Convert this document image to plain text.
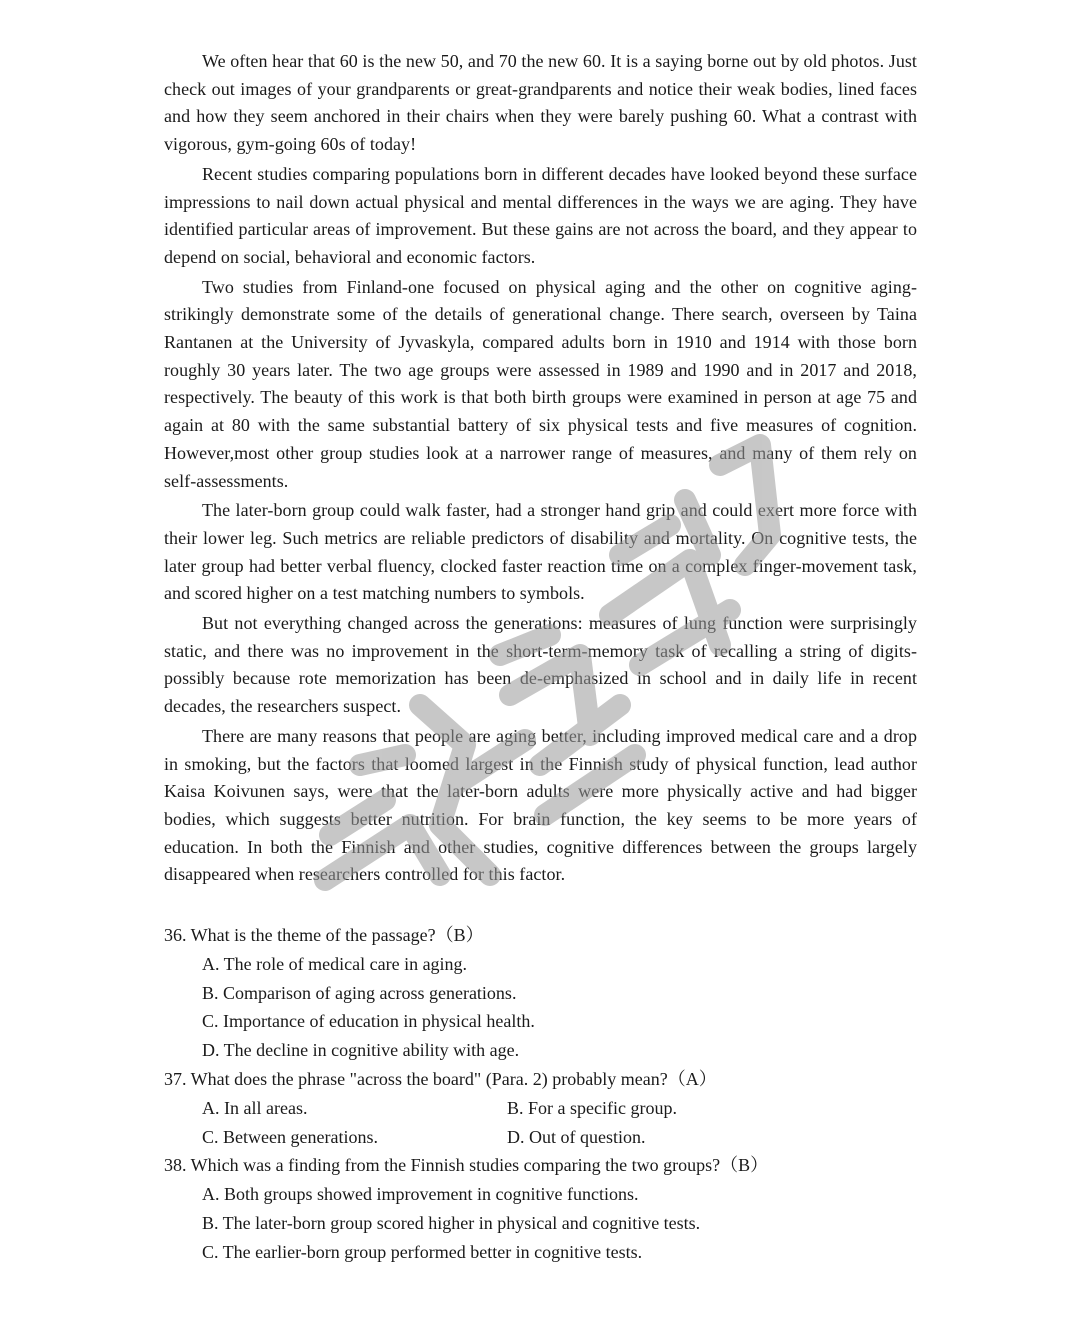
We often hear that 60 is the new 50, and 70 the new 60. It is a saying borne out by old photos. Just check out images of your grandparents or great-grandparents and notice their weak bodies, lined faces and how they seem anchored in their chairs when they were barely pushing 60. What a contrast with vigorous, gym-going 60s of today!

Recent studies comparing populations born in different decades have looked beyond these surface impressions to nail down actual physical and mental differences in the ways we are aging. They have identified particular areas of improvement. But these gains are not across the board, and they appear to depend on social, behavioral and economic factors.

Two studies from Finland-one focused on physical aging and the other on cognitive aging-strikingly demonstrate some of the details of generational change. There search, overseen by Taina Rantanen at the University of Jyvaskyla, compared adults born in 1910 and 1914 with those born roughly 30 years later. The two age groups were assessed in 1989 and 1990 and in 2017 and 2018, respectively. The beauty of this work is that both birth groups were examined in person at age 75 and again at 80 with the same substantial battery of six physical tests and five measures of cognition. However,most other group studies look at a narrower range of measures, and many of them rely on self-assessments.

The later-born group could walk faster, had a stronger hand grip and could exert more force with their lower leg. Such metrics are reliable predictors of disability and mortality. On cognitive tests, the later group had better verbal fluency, clocked faster reaction time on a complex finger-movement task, and scored higher on a test matching numbers to symbols.

But not everything changed across the generations: measures of lung function were surprisingly static, and there was no improvement in the short-term-memory task of recalling a string of digits-possibly because rote memorization has been de-emphasized in school and in daily life in recent decades, the researchers suspect.

There are many reasons that people are aging better, including improved medical care and a drop in smoking, but the factors that loomed largest in the Finnish study of physical function, lead author Kaisa Koivunen says, were that the later-born adults were more physically active and had bigger bodies, which suggests better nutrition. For brain function, the key seems to be more years of education. In both the Finnish and other studies, cognitive differences between the groups largely disappeared when researchers controlled for this factor.

36. What is the theme of the passage?（B）

A. The role of medical care in aging.

B. Comparison of aging across generations.

C. Importance of education in physical health.

D. The decline in cognitive ability with age.

37. What does the phrase "across the board" (Para. 2) probably mean?（A）

A. In all areas.	B. For a specific group.
C. Between generations.	D. Out of question.

38. Which was a finding from the Finnish studies comparing the two groups?（B）

A. Both groups showed improvement in cognitive functions.

B. The later-born group scored higher in physical and cognitive tests.

C. The earlier-born group performed better in cognitive tests.
